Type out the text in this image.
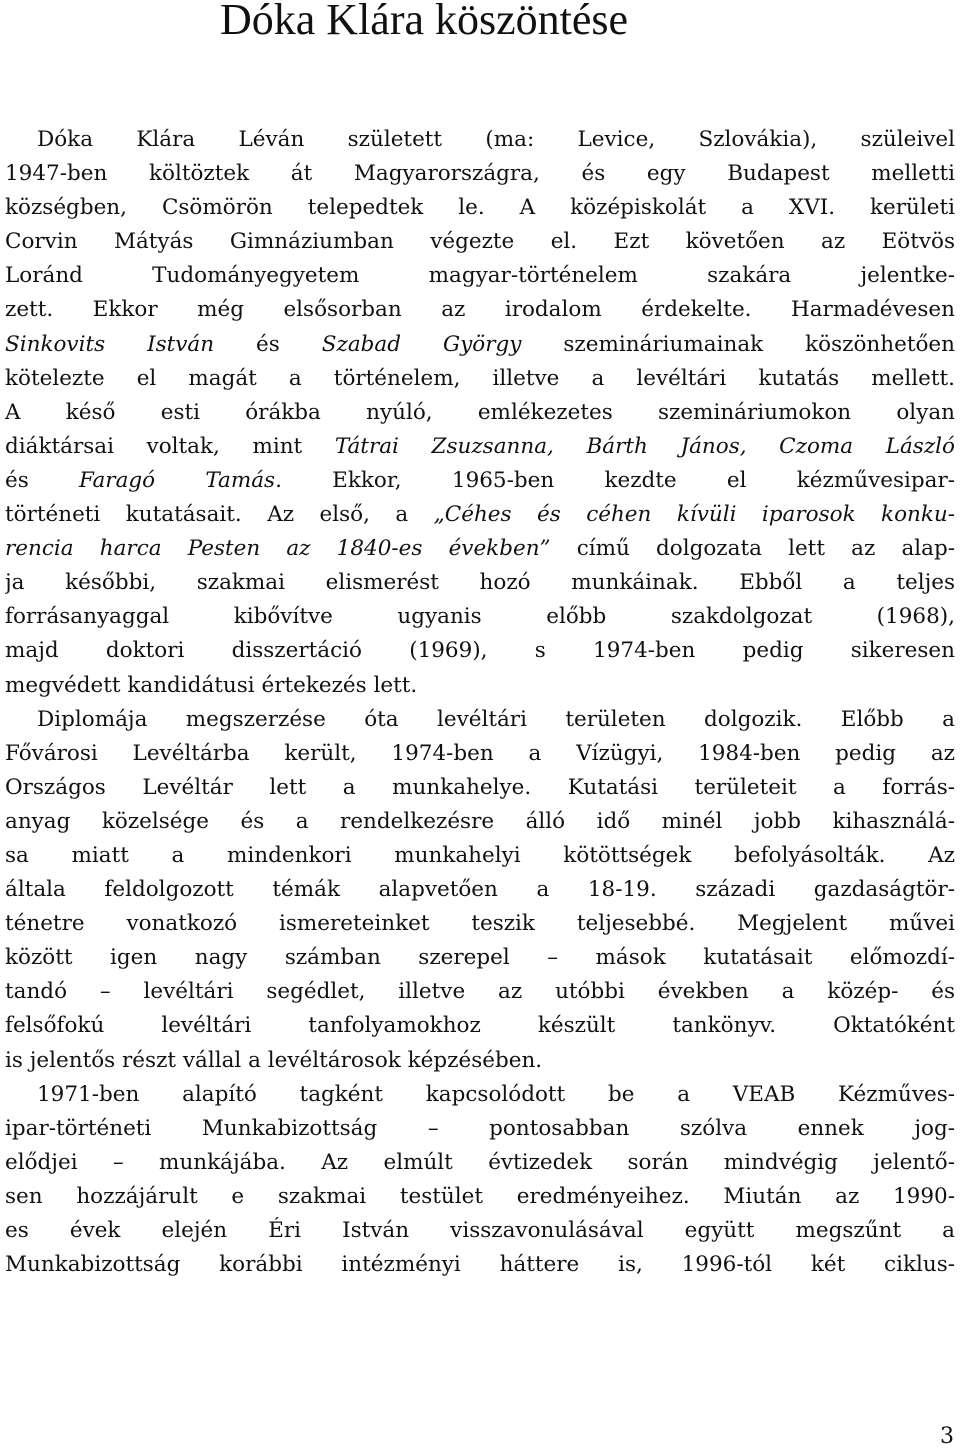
Dóka Klára köszöntése
Dóka Klára Léván született (ma: Levice, Szlovákia), szüleivel
1947-ben költöztek át Magyarországra, és egy Budapest melletti
községben, Csömörön telepedtek le. A középiskolát a XVI. kerületi
Corvin Mátyás Gimnáziumban végezte el. Ezt követően az Eötvös
Loránd Tudományegyetem magyar-történelem szakára jelentke-
zett. Ekkor még elsősorban az irodalom érdekelte. Harmadévesen
Sinkovits István és Szabad György szemináriumainak köszönhetően
kötelezte el magát a történelem, illetve a levéltári kutatás mellett.
A késő esti órákba nyúló, emlékezetes szemináriumokon olyan
diáktársai voltak, mint Tátrai Zsuzsanna, Bárth János, Czoma László
és Faragó Tamás. Ekkor, 1965-ben kezdte el kézművesipar-
történeti kutatásait. Az első, a „Céhes és céhen kívüli iparosok konku-
rencia harca Pesten az 1840-es években” című dolgozata lett az alap-
ja későbbi, szakmai elismerést hozó munkáinak. Ebből a teljes
forrásanyaggal kibővítve ugyanis előbb szakdolgozat (1968),
majd doktori disszertáció (1969), s 1974-ben pedig sikeresen
megvédett kandidátusi értekezés lett.
Diplomája megszerzése óta levéltári területen dolgozik. Előbb a
Fővárosi Levéltárba került, 1974-ben a Vízügyi, 1984-ben pedig az
Országos Levéltár lett a munkahelye. Kutatási területeit a forrás-
anyag közelsége és a rendelkezésre álló idő minél jobb kihasználá-
sa miatt a mindenkori munkahelyi kötöttségek befolyásolták. Az
általa feldolgozott témák alapvetően a 18-19. századi gazdaságtör-
ténetre vonatkozó ismereteinket teszik teljesebbé. Megjelent művei
között igen nagy számban szerepel – mások kutatásait előmozdí-
tandó – levéltári segédlet, illetve az utóbbi években a közép- és
felsőfokú levéltári tanfolyamokhoz készült tankönyv. Oktatóként
is jelentős részt vállal a levéltárosok képzésében.
1971-ben alapító tagként kapcsolódott be a VEAB Kézműves-
ipar-történeti Munkabizottság – pontosabban szólva ennek jog-
elődjei – munkájába. Az elmúlt évtizedek során mindvégig jelentő-
sen hozzájárult e szakmai testület eredményeihez. Miután az 1990-
es évek elején Éri István visszavonulásával együtt megszűnt a
Munkabizottság korábbi intézményi háttere is, 1996-tól két ciklus-
3
